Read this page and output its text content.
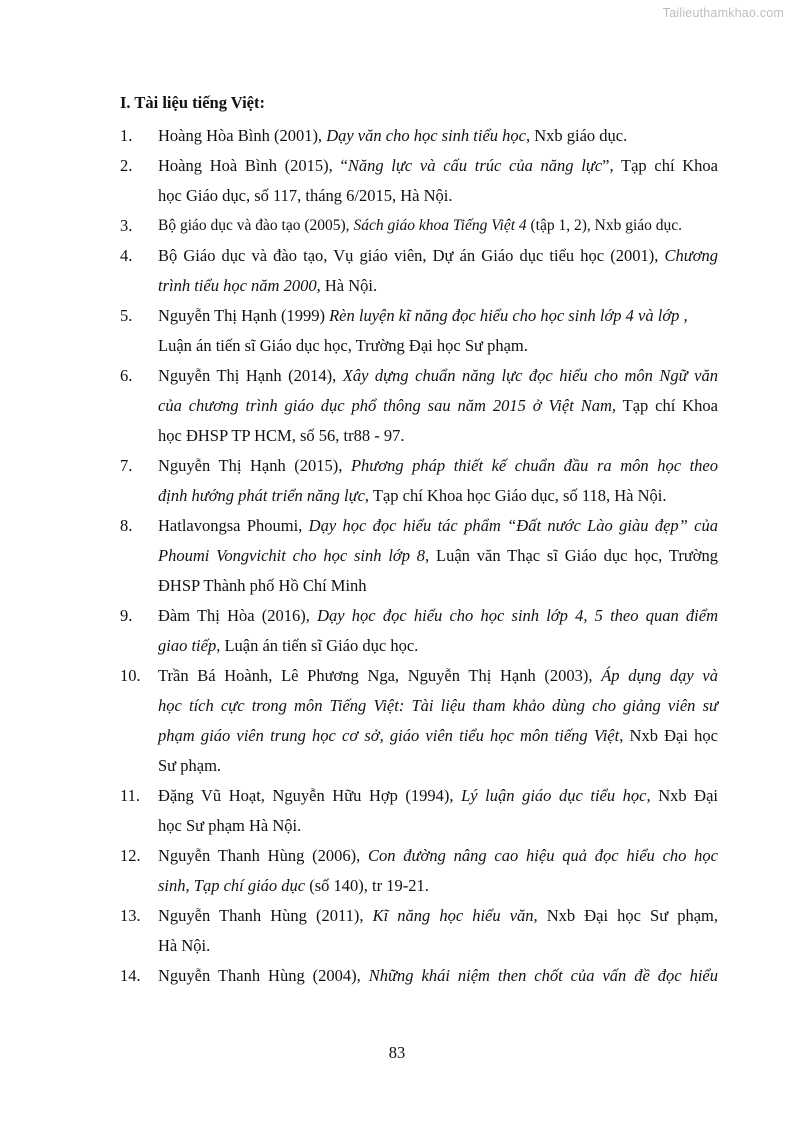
Tailieuthamkhao.com
I. Tài liệu tiếng Việt:
1.	Hoàng Hòa Bình (2001), Dạy văn cho học sinh tiểu học, Nxb giáo dục.
2.	Hoàng Hoà Bình (2015), “Năng lực và cấu trúc của năng lực”, Tạp chí Khoa
học Giáo dục, số 117, tháng 6/2015, Hà Nội.
3.	Bộ giáo dục và đào tạo (2005), Sách giáo khoa Tiếng Việt 4 (tập 1, 2), Nxb giáo dục.
4.	Bộ Giáo dục và đào tạo, Vụ giáo viên, Dự án Giáo dục tiểu học (2001), Chương
trình tiểu học năm 2000, Hà Nội.
5.	Nguyễn Thị Hạnh (1999) Rèn luyện kĩ năng đọc hiểu cho học sinh lớp 4 và lớp ,
Luận án tiến sĩ Giáo dục học, Trường Đại học Sư phạm.
6.	Nguyễn Thị Hạnh (2014), Xây dựng chuẩn năng lực đọc hiểu cho môn Ngữ văn
của chương trình giáo dục phổ thông sau năm 2015 ở Việt Nam, Tạp chí Khoa
học ĐHSP TP HCM, số 56, tr88 - 97.
7.	Nguyễn Thị Hạnh (2015), Phương pháp thiết kế chuẩn đầu ra môn học theo
định hướng phát triển năng lực, Tạp chí Khoa học Giáo dục, số 118, Hà Nội.
8.	Hatlavongsa Phoumi, Dạy học đọc hiểu tác phẩm “Đất nước Lào giàu đẹp” của
Phoumi Vongvichit cho học sinh lớp 8, Luận văn Thạc sĩ Giáo dục học, Trường
ĐHSP Thành phố Hồ Chí Minh
9.	Đàm Thị Hòa (2016), Dạy học đọc hiểu cho học sinh lớp 4, 5 theo quan điểm
giao tiếp, Luận án tiến sĩ Giáo dục học.
10.	Trần Bá Hoành, Lê Phương Nga, Nguyễn Thị Hạnh (2003), Áp dụng dạy và
học tích cực trong môn Tiếng Việt: Tài liệu tham khảo dùng cho giảng viên sư
phạm giáo viên trung học cơ sở, giáo viên tiểu học môn tiếng Việt, Nxb Đại học
Sư phạm.
11.	Đặng Vũ Hoạt, Nguyễn Hữu Hợp (1994), Lý luận giáo dục tiểu học, Nxb Đại
học Sư phạm Hà Nội.
12.	Nguyễn Thanh Hùng (2006), Con đường nâng cao hiệu quả đọc hiểu cho học
sinh, Tạp chí giáo dục (số 140), tr 19-21.
13.	Nguyễn Thanh Hùng (2011), Kĩ năng học hiểu văn, Nxb Đại học Sư phạm,
Hà Nội.
14.	Nguyễn Thanh Hùng (2004), Những khái niệm then chốt của vấn đề đọc hiểu
83
